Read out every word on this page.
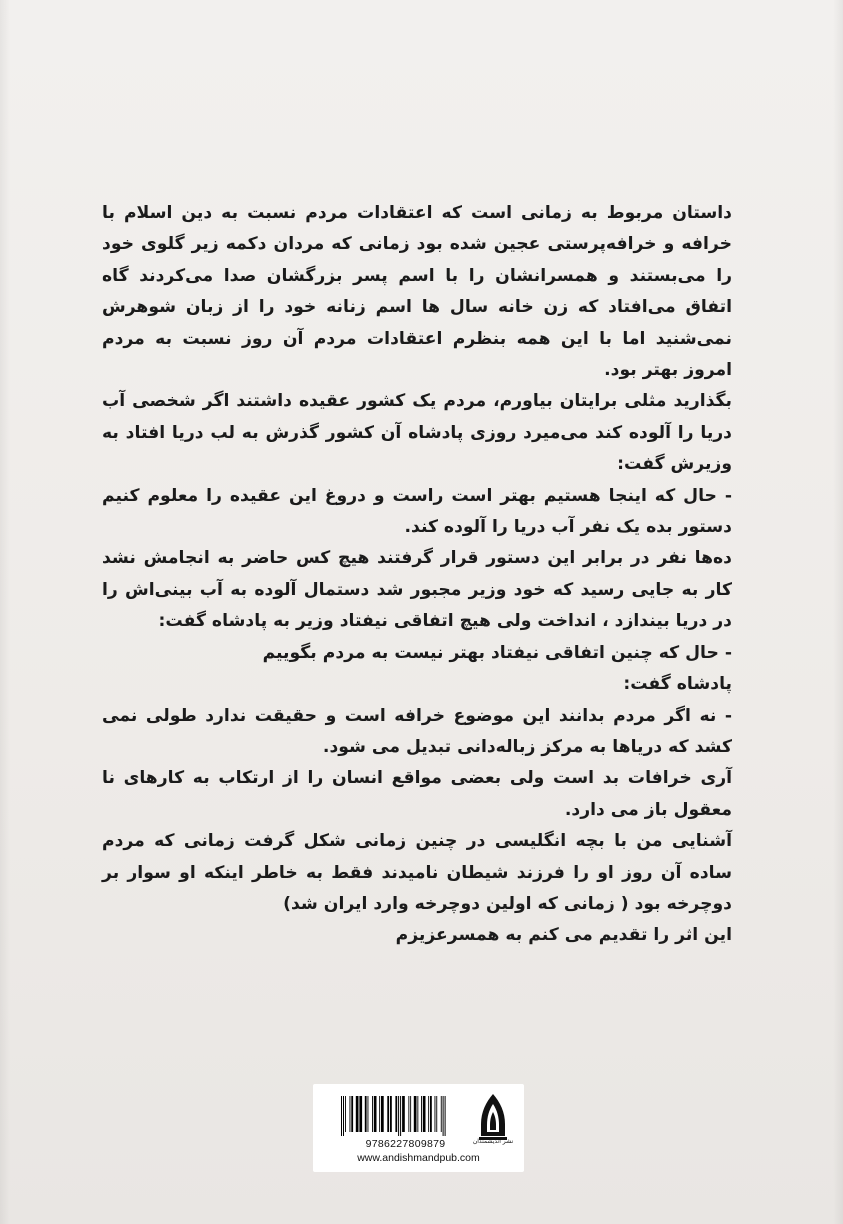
داستان مربوط به زمانی است که اعتقادات مردم نسبت به دین اسلام با خرافه و خرافه‌پرستی عجین شده بود زمانی که مردان دکمه زیر گلوی خود را می‌بستند و همسرانشان را با اسم پسر بزرگشان صدا می‌کردند گاه اتفاق می‌افتاد که زن خانه سال ها اسم زنانه خود را از زبان شوهرش نمی‌شنید اما با این همه بنظرم اعتقادات مردم آن روز نسبت به مردم امروز بهتر بود.

بگذارید مثلی برایتان بیاورم، مردم یک کشور عقیده داشتند اگر شخصی آب دریا را آلوده کند می‌میرد روزی پادشاه آن کشور گذرش به لب دریا افتاد به وزیرش گفت:

- حال که اینجا هستیم بهتر است راست و دروغ این عقیده را معلوم کنیم دستور بده یک نفر آب دریا را آلوده کند.

ده‌ها نفر در برابر این دستور قرار گرفتند هیچ کس حاضر به انجامش نشد کار به جایی رسید که خود وزیر مجبور شد دستمال آلوده به آب بینی‌اش را در دریا بیندازد ، انداخت ولی هیچ اتفاقی نیفتاد وزیر به پادشاه گفت:

- حال که چنین اتفاقی نیفتاد بهتر نیست به مردم بگوییم

پادشاه گفت:

- نه اگر مردم بدانند این موضوع خرافه است و حقیقت ندارد طولی نمی کشد که دریاها به مرکز زباله‌دانی تبدیل می شود.

آری خرافات بد است ولی بعضی مواقع انسان را از ارتکاب به کارهای نا معقول باز می دارد.

آشنایی من با بچه انگلیسی در چنین زمانی شکل گرفت زمانی که مردم ساده آن روز او را فرزند شیطان نامیدند فقط به خاطر اینکه او سوار بر دوچرخه بود ( زمانی که اولین دوچرخه وارد ایران شد)

این اثر را تقدیم می کنم به همسرعزیزم

9786227809879	نشر اندیشمندان
www.andishmandpub.com
